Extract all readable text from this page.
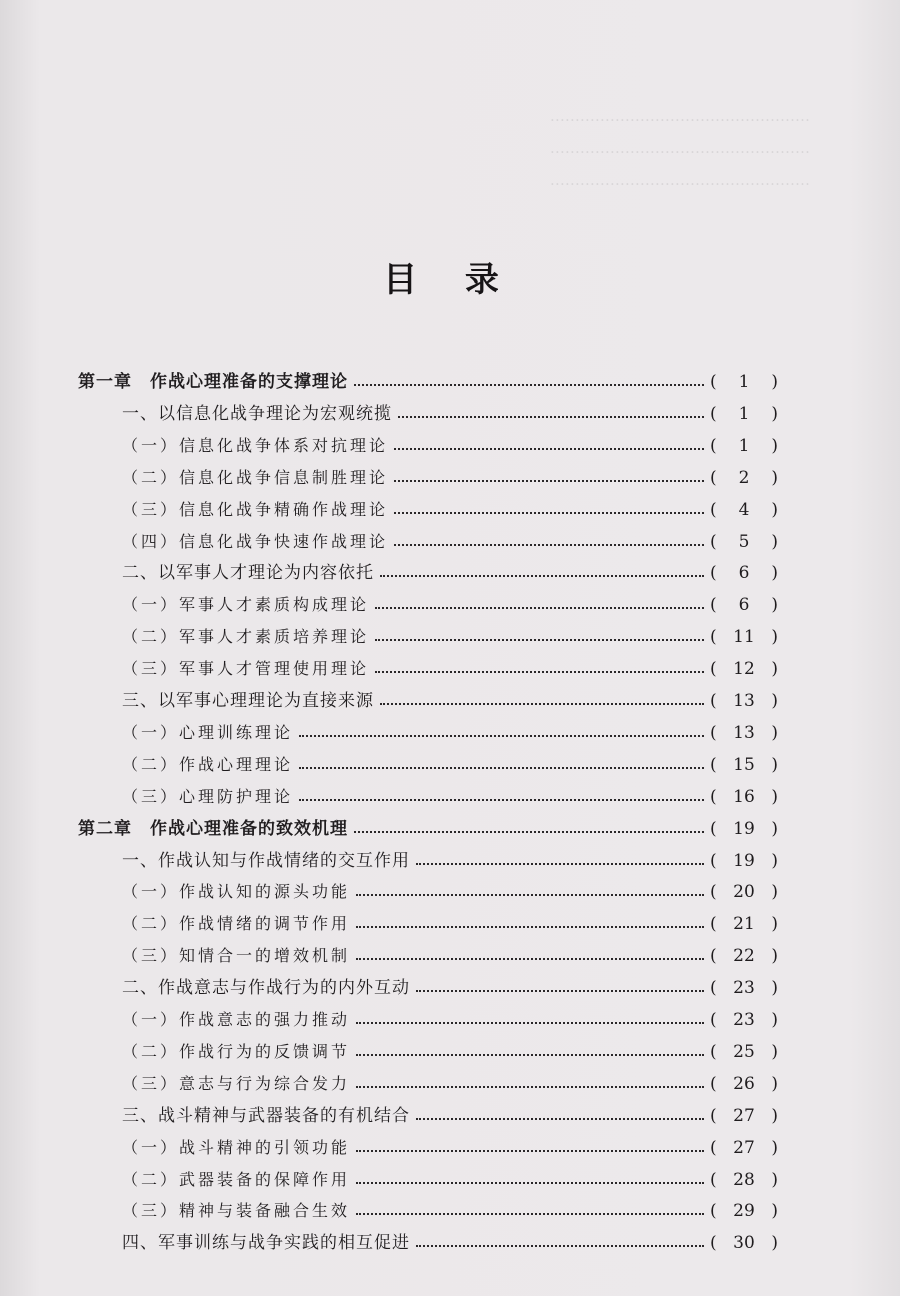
‥‥‥‥‥‥‥‥‥‥‥‥‥‥‥‥‥‥‥‥‥‥‥‥‥‥
‥‥‥‥‥‥‥‥‥‥‥‥‥‥‥‥‥‥‥‥‥‥‥‥‥‥
‥‥‥‥‥‥‥‥‥‥‥‥‥‥‥‥‥‥‥‥‥‥‥‥‥‥
目 录
第一章　作战心理准备的支撑理论	(	1	)
一、以信息化战争理论为宏观统揽	(	1	)
（一）信息化战争体系对抗理论	(	1	)
（二）信息化战争信息制胜理论	(	2	)
（三）信息化战争精确作战理论	(	4	)
（四）信息化战争快速作战理论	(	5	)
二、以军事人才理论为内容依托	(	6	)
（一）军事人才素质构成理论	(	6	)
（二）军事人才素质培养理论	( 11 )
（三）军事人才管理使用理论	( 12 )
三、以军事心理理论为直接来源	( 13 )
（一）心理训练理论	( 13 )
（二）作战心理理论	( 15 )
（三）心理防护理论	( 16 )
第二章　作战心理准备的致效机理	( 19 )
一、作战认知与作战情绪的交互作用	( 19 )
（一）作战认知的源头功能	( 20 )
（二）作战情绪的调节作用	( 21 )
（三）知情合一的增效机制	( 22 )
二、作战意志与作战行为的内外互动	( 23 )
（一）作战意志的强力推动	( 23 )
（二）作战行为的反馈调节	( 25 )
（三）意志与行为综合发力	( 26 )
三、战斗精神与武器装备的有机结合	( 27 )
（一）战斗精神的引领功能	( 27 )
（二）武器装备的保障作用	( 28 )
（三）精神与装备融合生效	( 29 )
四、军事训练与战争实践的相互促进	( 30 )
